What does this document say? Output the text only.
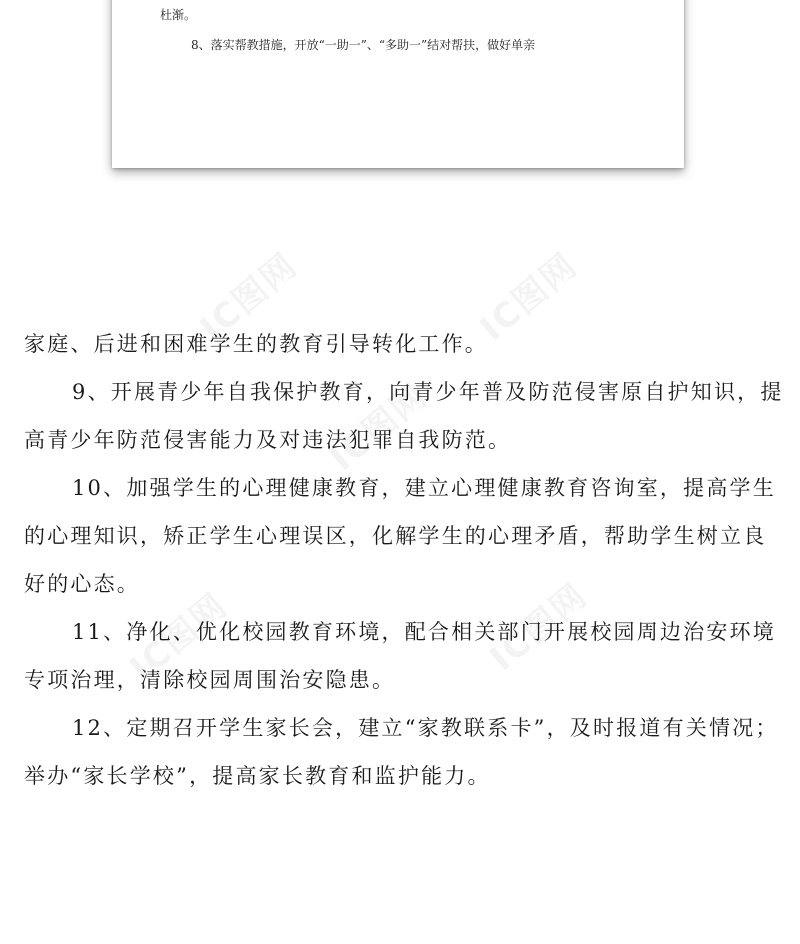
杜渐。
8、落实帮教措施，开放“一助一”、“多助一”结对帮扶，做好单亲
IC图网	IC图网
IC图网
IC图网	IC图网

家庭、后进和困难学生的教育引导转化工作。

9、开展青少年自我保护教育，向青少年普及防范侵害原自护知识，提高青少年防范侵害能力及对违法犯罪自我防范。

10、加强学生的心理健康教育，建立心理健康教育咨询室，提高学生的心理知识，矫正学生心理误区，化解学生的心理矛盾，帮助学生树立良好的心态。

11、净化、优化校园教育环境，配合相关部门开展校园周边治安环境专项治理，清除校园周围治安隐患。

12、定期召开学生家长会，建立“家教联系卡”，及时报道有关情况；举办“家长学校”，提高家长教育和监护能力。
